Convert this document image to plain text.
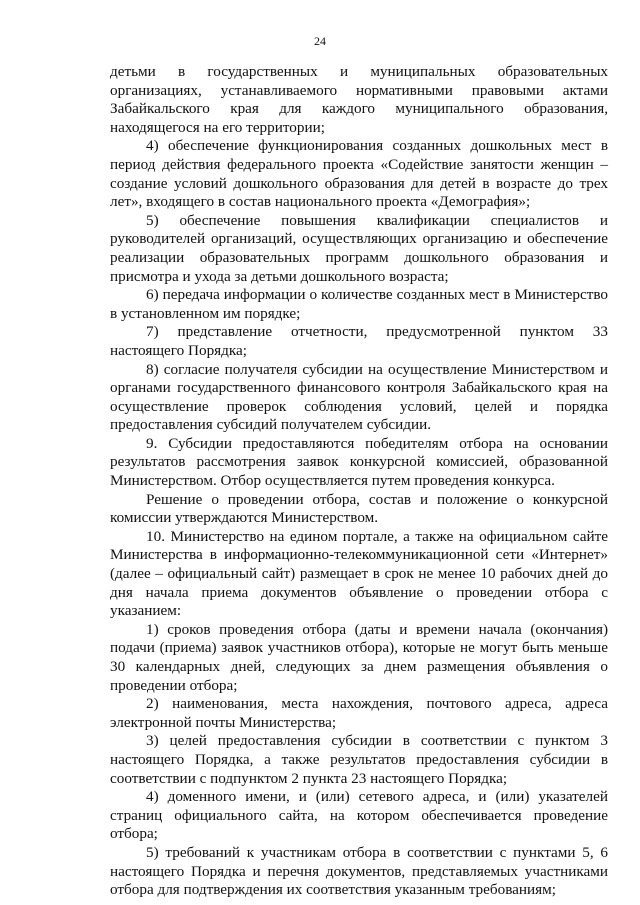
24

детьми в государственных и муниципальных образовательных организациях, устанавливаемого нормативными правовыми актами Забайкальского края для каждого муниципального образования, находящегося на его территории;

4) обеспечение функционирования созданных дошкольных мест в период действия федерального проекта «Содействие занятости женщин – создание условий дошкольного образования для детей в возрасте до трех лет», входящего в состав национального проекта «Демография»;

5) обеспечение повышения квалификации специалистов и руководителей организаций, осуществляющих организацию и обеспечение реализации образовательных программ дошкольного образования и присмотра и ухода за детьми дошкольного возраста;

6) передача информации о количестве созданных мест в Министерство в установленном им порядке;

7) представление отчетности, предусмотренной пунктом 33 настоящего Порядка;

8) согласие получателя субсидии на осуществление Министерством и органами государственного финансового контроля Забайкальского края на осуществление проверок соблюдения условий, целей и порядка предоставления субсидий получателем субсидии.

9. Субсидии предоставляются победителям отбора на основании результатов рассмотрения заявок конкурсной комиссией, образованной Министерством. Отбор осуществляется путем проведения конкурса.

Решение о проведении отбора, состав и положение о конкурсной комиссии утверждаются Министерством.

10. Министерство на едином портале, а также на официальном сайте Министерства в информационно-телекоммуникационной сети «Интернет» (далее – официальный сайт) размещает в срок не менее 10 рабочих дней до дня начала приема документов объявление о проведении отбора с указанием:

1) сроков проведения отбора (даты и времени начала (окончания) подачи (приема) заявок участников отбора), которые не могут быть меньше 30 календарных дней, следующих за днем размещения объявления о проведении отбора;

2) наименования, места нахождения, почтового адреса, адреса электронной почты Министерства;

3) целей предоставления субсидии в соответствии с пунктом 3 настоящего Порядка, а также результатов предоставления субсидии в соответствии с подпунктом 2 пункта 23 настоящего Порядка;

4) доменного имени, и (или) сетевого адреса, и (или) указателей страниц официального сайта, на котором обеспечивается проведение отбора;

5) требований к участникам отбора в соответствии с пунктами 5, 6 настоящего Порядка и перечня документов, представляемых участниками отбора для подтверждения их соответствия указанным требованиям;
